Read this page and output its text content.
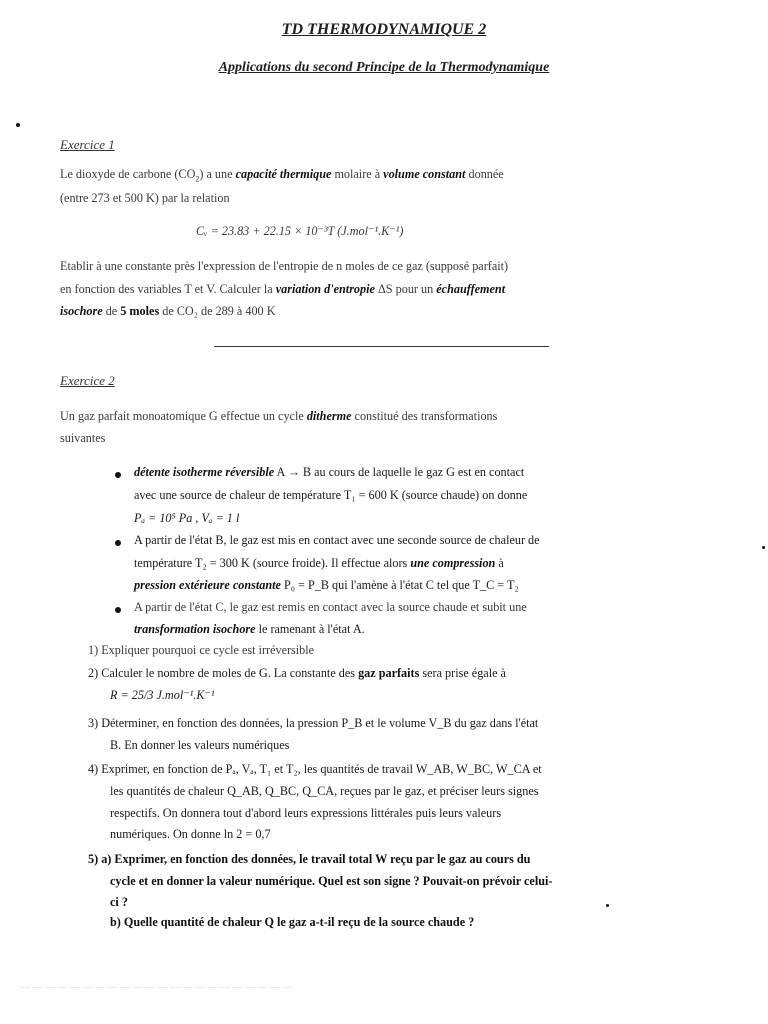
TD THERMODYNAMIQUE 2
Applications du second Principe de la Thermodynamique
Exercice 1
Le dioxyde de carbone $(CO_2)$ a une capacité thermique molaire à volume constant donnée
(entre 273 et 500 K) par la relation
Cᵥ = 23.83 + 22.15 × 10⁻³T (J.mol⁻¹.K⁻¹)
Etablir à une constante près l'expression de l'entropie de n moles de ce gaz (supposé parfait)
en fonction des variables T et V. Calculer la variation d'entropie ΔS pour un échauffement
isochore de 5 moles de CO₂ de 289 à 400 K
Exercice 2
Un gaz parfait monoatomique G effectue un cycle ditherme constitué des transformations
suivantes
détente isotherme réversible A → B au cours de laquelle le gaz G est en contact
avec une source de chaleur de température T₁ = 600 K (source chaude) on donne
Pₐ = 10⁵ Pa , Vₐ = 1 l
A partir de l'état B, le gaz est mis en contact avec une seconde source de chaleur de
température T₂ = 300 K (source froide). Il effectue alors une compression à
pression extérieure constante P₀ = P_B qui l'amène à l'état C tel que T_C = T₂
A partir de l'état C, le gaz est remis en contact avec la source chaude et subit une
transformation isochore le ramenant à l'état A.
1) Expliquer pourquoi ce cycle est irréversible
2) Calculer le nombre de moles de G. La constante des gaz parfaits sera prise égale à
R = 25/3 J.mol⁻¹.K⁻¹
3) Déterminer, en fonction des données, la pression P_B et le volume V_B du gaz dans l'état
B. En donner les valeurs numériques
4) Exprimer, en fonction de Pₐ, Vₐ, T₁ et T₂, les quantités de travail W_AB, W_BC, W_CA et
les quantités de chaleur Q_AB, Q_BC, Q_CA, reçues par le gaz, et préciser leurs signes
respectifs. On donnera tout d'abord leurs expressions littérales puis leurs valeurs
numériques. On donne ln 2 = 0,7
5) a) Exprimer, en fonction des données, le travail total W reçu par le gaz au cours du
cycle et en donner la valeur numérique. Quel est son signe ? Pouvait-on prévoir celui-
ci ?
b) Quelle quantité de chaleur Q le gaz a-t-il reçu de la source chaude ?
— — — — — — — — — — — — — — — — — — — — — —
